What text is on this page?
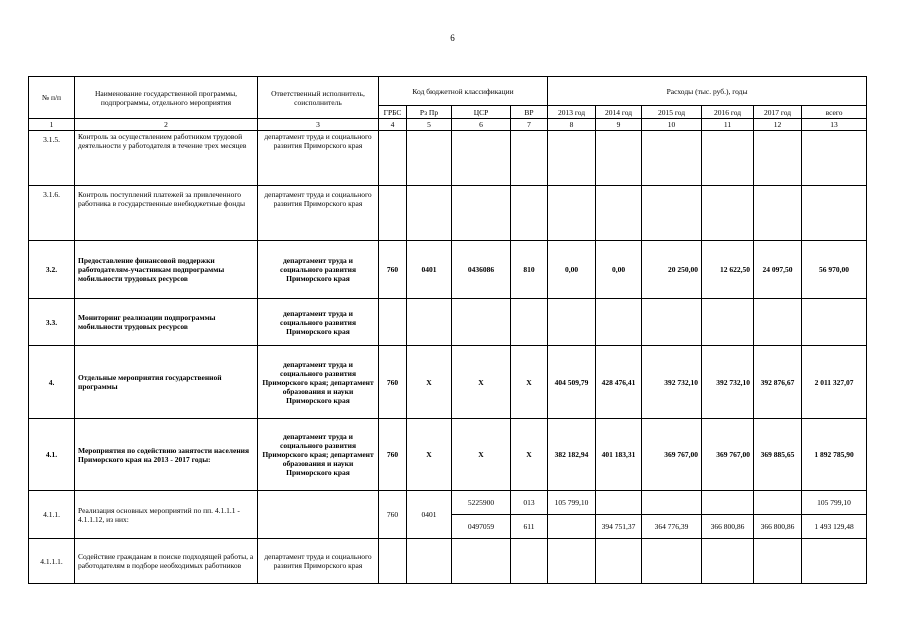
6
№ п/п	Наименование государственной программы, подпрограммы, отдельного мероприятия	Ответственный исполнитель, соисполнитель	Код бюджетной классификации				Расходы (тыс. руб.), годы					
			ГРБС	Рз Пр	ЦСР	ВР	2013 год	2014 год	2015 год	2016 год	2017 год	всего
1	2	3	4	5	6	7	8	9	10	11	12	13
3.1.5.	Контроль за осуществлением работником трудовой деятельности у работодателя в течение трех месяцев	департамент труда и социального развития Приморского края										
3.1.6.	Контроль поступлений платежей за привлеченного работника в государственные внебюджетные фонды	департамент труда и социального развития Приморского края										
3.2.	Предоставление финансовой поддержки работодателям-участникам подпрограммы мобильности трудовых ресурсов	департамент труда и социального развития Приморского края	760	0401	0436086	810	0,00	0,00	20 250,00	12 622,50	24 097,50	56 970,00
3.3.	Мониторинг реализации подпрограммы мобильности трудовых ресурсов	департамент труда и социального развития Приморского края										
4.	Отдельные мероприятия государственной программы	департамент труда и социального развития Приморского края; департамент образования и науки Приморского края	760	Х	Х	Х	404 509,79	428 476,41	392 732,10	392 732,10	392 876,67	2 011 327,07
4.1.	Мероприятия по содействию занятости населения Приморского края на 2013 - 2017 годы:	департамент труда и социального развития Приморского края; департамент образования и науки Приморского края	760	Х	Х	Х	382 182,94	401 183,31	369 767,00	369 767,00	369 885,65	1 892 785,90
4.1.1.	Реализация основных мероприятий по пп. 4.1.1.1 - 4.1.1.12, из них:		760	0401	5225900	013	105 799,10					105 799,10
					0497059	611		394 751,37	364 776,39	366 800,86	366 800,86	1 493 129,48
4.1.1.1.	Содействие гражданам в поиске подходящей работы, а работодателям в подборе необходимых работников	департамент труда и социального развития Приморского края										
